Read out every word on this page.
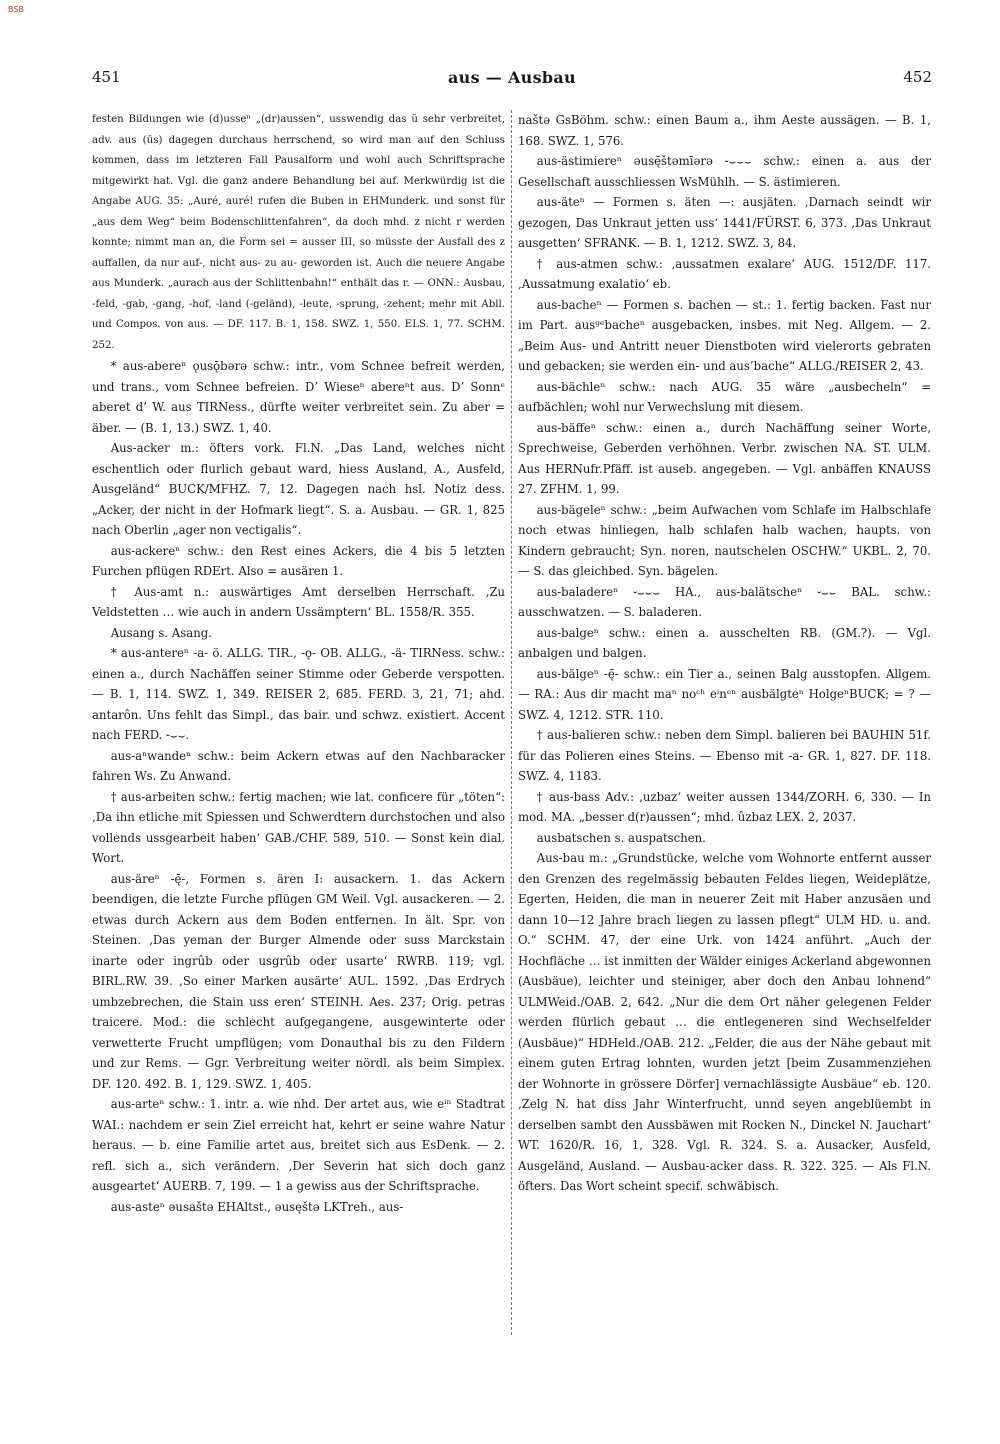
BSB
451	aus — Ausbau	452

festen Bildungen wie (d)usseⁿ „(dr)aussen“, usswendig das ŭ sehr verbreitet, adv. aus (ūs) dagegen durchaus herrschend, so wird man auf den Schluss kommen, dass im letzteren Fall Pausalform und wohl auch Schriftsprache mitgewirkt hat. Vgl. die ganz andere Behandlung bei auf. Merkwürdig ist die Angabe AUG. 35: „Auré, auré! rufen die Buben in EHMunderk. und sonst für „aus dem Weg“ beim Bodenschlittenfahren“, da doch mhd. z nicht r werden konnte; nimmt man an, die Form sei = ausser III, so müsste der Ausfall des z auffallen, da nur auf-, nicht aus- zu au- geworden ist. Auch die neuere Angabe aus Munderk. „aurach aus der Schlittenbahn!“ enthält das r. — ONN.: Ausbau, -feld, -gab, -gang, -hof, -land (-geländ), -leute, -sprung, -zehent; mehr mit Abll. und Compos. von aus. — DF. 117. B. 1, 158. SWZ. 1, 550. ELS. 1, 77. SCHM. 252.

* aus-abereⁿ ǫusǭbərə schw.: intr., vom Schnee befreit werden, und trans., vom Schnee befreien. D’ Wieseⁿ abereⁿt aus. D’ Sonnᵉ aberet d’ W. aus TIRNess., dürfte weiter verbreitet sein. Zu aber = äber. — (B. 1, 13.) SWZ. 1, 40.

Aus-acker m.: öfters vork. Fl.N. „Das Land, welches nicht eschentlich oder flurlich gebaut ward, hiess Ausland, A., Ausfeld, Ausgeländ“ BUCK/MFHZ. 7, 12. Dagegen nach hsl. Notiz dess. „Acker, der nicht in der Hofmark liegt“. S. a. Ausbau. — GR. 1, 825 nach Oberlin „ager non vectigalis“.

aus-ackereⁿ schw.: den Rest eines Ackers, die 4 bis 5 letzten Furchen pflügen RDErt. Also = ausären 1.

† Aus-amt n.: auswärtiges Amt derselben Herrschaft. ‚Zu Veldstetten … wie auch in andern Ussämptern‘ BL. 1558/R. 355.

Ausang s. Asang.

* aus-antereⁿ -a- ö. ALLG. TIR., -ǫ- OB. ALLG., -ä- TIRNess. schw.: einen a., durch Nachäffen seiner Stimme oder Geberde verspotten. — B. 1, 114. SWZ. 1, 349. REISER 2, 685. FERD. 3, 21, 71; ahd. antarôn. Uns fehlt das Simpl., das bair. und schwz. existiert. Accent nach FERD. ⏑⌣⌣.

aus-aⁿwandeⁿ schw.: beim Ackern etwas auf den Nachbaracker fahren Ws. Zu Anwand.

† aus-arbeiten schw.: fertig machen; wie lat. conficere für „töten“: ‚Da ihn etliche mit Spiessen und Schwerdtern durchstochen und also vollends ussgearbeit haben‘ GAB./CHF. 589, 510. — Sonst kein dial. Wort.

aus-äreⁿ -ę̄-, Formen s. ären I: ausackern. 1. das Ackern beendigen, die letzte Furche pflügen GM Weil. Vgl. ausackeren. — 2. etwas durch Ackern aus dem Boden entfernen. In ält. Spr. von Steinen. ‚Das yeman der Burger Almende oder suss Marckstain inarte oder ingrûb oder usgrûb oder usarte‘ RWRB. 119; vgl. BIRL.RW. 39. ‚So einer Marken ausärte‘ AUL. 1592. ‚Das Erdrych umbzebrechen, die Stain uss eren‘ STEINH. Aes. 237; Orig. petras traicere. Mod.: die schlecht aufgegangene, ausgewinterte oder verwetterte Frucht umpflügen; vom Donauthal bis zu den Fildern und zur Rems. — Ggr. Verbreitung weiter nördl. als beim Simplex. DF. 120. 492. B. 1, 129. SWZ. 1, 405.

aus-arteⁿ schw.: 1. intr. a. wie nhd. Der artet aus, wie eⁱⁿ Stadtrat WAI.: nachdem er sein Ziel erreicht hat, kehrt er seine wahre Natur heraus. — b. eine Familie artet aus, breitet sich aus EsDenk. — 2. refl. sich a., sich verändern. ‚Der Severin hat sich doch ganz ausgeartet‘ AUERB. 7, 199. — 1 a gewiss aus der Schriftsprache.

aus-asteⁿ əusaštə EHAltst., əusęštə LKTreh., aus-

naštə GsBöhm. schw.: einen Baum a., ihm Aeste aussägen. — B. 1, 168. SWZ. 1, 576.

aus-ästimiereⁿ əusę̄štəmīərə ⏑⌣⌣⌣ schw.: einen a. aus der Gesellschaft ausschliessen WsMühlh. — S. ästimieren.

aus-äteⁿ — Formen s. äten —: ausjäten. ‚Darnach seindt wir gezogen, Das Unkraut jetten uss‘ 1441/FÜRST. 6, 373. ‚Das Unkraut ausgetten‘ SFRANK. — B. 1, 1212. SWZ. 3, 84.

† aus-atmen schw.: ‚aussatmen exalare‘ AUG. 1512/DF. 117. ‚Aussatmung exalatio‘ eb.

aus-bacheⁿ — Formen s. bachen — st.: 1. fertig backen. Fast nur im Part. ausᵍᵉbacheⁿ ausgebacken, insbes. mit Neg. Allgem. — 2. „Beim Aus- und Antritt neuer Dienstboten wird vielerorts gebraten und gebacken; sie werden ein- und aus’bache“ ALLG./REISER 2, 43.

aus-bächleⁿ schw.: nach AUG. 35 wäre „ausbecheln“ = aufbächlen; wohl nur Verwechslung mit diesem.

aus-bäffeⁿ schw.: einen a., durch Nachäffung seiner Worte, Sprechweise, Geberden verhöhnen. Verbr. zwischen NA. ST. ULM. Aus HERNufr.Pfäff. ist auseb. angegeben. — Vgl. anbäffen KNAUSS 27. ZFHM. 1, 99.

aus-bägeleⁿ schw.: „beim Aufwachen vom Schlafe im Halbschlafe noch etwas hinliegen, halb schlafen halb wachen, haupts. von Kindern gebraucht; Syn. noren, nautschelen OSCHW.“ UKBL. 2, 70. — S. das gleichbed. Syn. bägelen.

aus-baladereⁿ ⏑⌣⌣⌣ HA., aus-balätscheⁿ ⏑⌣⌣ BAL. schw.: ausschwatzen. — S. baladeren.

aus-balgeⁿ schw.: einen a. ausschelten RB. (GM.?). — Vgl. anbalgen und balgen.

aus-bälgeⁿ -ę̄- schw.: ein Tier a., seinen Balg ausstopfen. Allgem. — RA.: Aus dir macht maⁿ noᶜʰ eⁱnᵉⁿ ausbälgteⁿ HolgeⁿBUCK; = ? — SWZ. 4, 1212. STR. 110.

† aus-balieren schw.: neben dem Simpl. balieren bei BAUHIN 51f. für das Polieren eines Steins. — Ebenso mit -a- GR. 1, 827. DF. 118. SWZ. 4, 1183.

† aus-bass Adv.: ‚uzbaz‘ weiter aussen 1344/ZORH. 6, 330. — In mod. MA. „besser d(r)aussen“; mhd. ûzbaz LEX. 2, 2037.

ausbatschen s. auspatschen.

Aus-bau m.: „Grundstücke, welche vom Wohnorte entfernt ausser den Grenzen des regelmässig bebauten Feldes liegen, Weideplätze, Egerten, Heiden, die man in neuerer Zeit mit Haber anzusäen und dann 10—12 Jahre brach liegen zu lassen pflegt“ ULM HD. u. and. O.“ SCHM. 47, der eine Urk. von 1424 anführt. „Auch der Hochfläche … ist inmitten der Wälder einiges Ackerland abgewonnen (Ausbäue), leichter und steiniger, aber doch den Anbau lohnend“ ULMWeid./OAB. 2, 642. „Nur die dem Ort näher gelegenen Felder werden flürlich gebaut … die entlegeneren sind Wechselfelder (Ausbäue)“ HDHeld./OAB. 212. „Felder, die aus der Nähe gebaut mit einem guten Ertrag lohnten, wurden jetzt [beim Zusammenziehen der Wohnorte in grössere Dörfer] vernachlässigte Ausbäue“ eb. 120. ‚Zelg N. hat diss Jahr Winterfrucht, unnd seyen angeblüembt in derselben sambt den Aussbäwen mit Rocken N., Dinckel N. Jauchart‘ WT. 1620/R. 16, 1, 328. Vgl. R. 324. S. a. Ausacker, Ausfeld, Ausgeländ, Ausland. — Ausbau-acker dass. R. 322. 325. — Als Fl.N. öfters. Das Wort scheint specif. schwäbisch.
